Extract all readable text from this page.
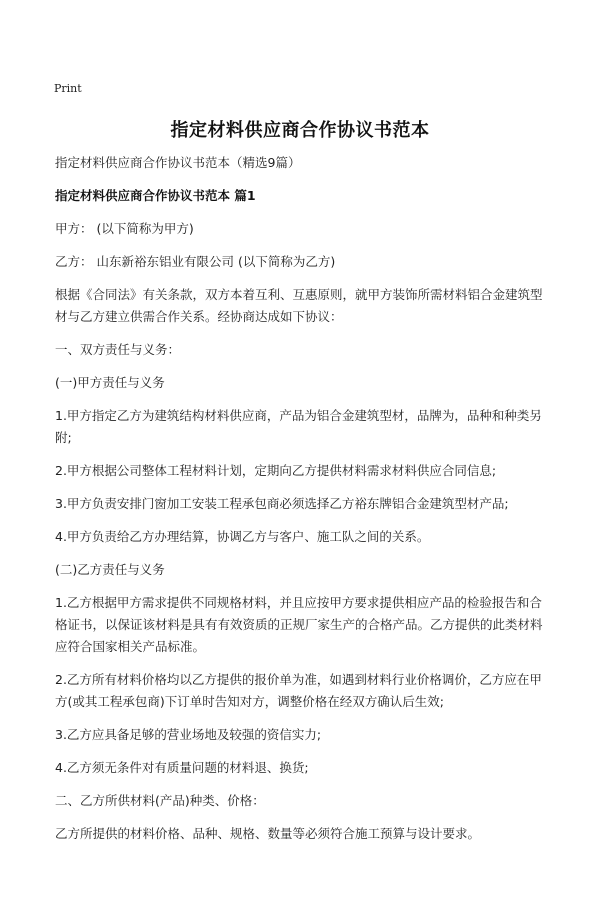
Print
指定材料供应商合作协议书范本

指定材料供应商合作协议书范本（精选9篇）

指定材料供应商合作协议书范本 篇1

甲方： (以下简称为甲方)

乙方： 山东新裕东铝业有限公司 (以下简称为乙方)

根据《合同法》有关条款，双方本着互利、互惠原则，就甲方装饰所需材料铝合金建筑型材与乙方建立供需合作关系。经协商达成如下协议：

一、双方责任与义务：

(一)甲方责任与义务

1.甲方指定乙方为建筑结构材料供应商，产品为铝合金建筑型材，品牌为，品种和种类另附;

2.甲方根据公司整体工程材料计划，定期向乙方提供材料需求材料供应合同信息;

3.甲方负责安排门窗加工安装工程承包商必须选择乙方裕东牌铝合金建筑型材产品;

4.甲方负责给乙方办理结算，协调乙方与客户、施工队之间的关系。

(二)乙方责任与义务

1.乙方根据甲方需求提供不同规格材料，并且应按甲方要求提供相应产品的检验报告和合格证书，以保证该材料是具有有效资质的正规厂家生产的合格产品。乙方提供的此类材料应符合国家相关产品标准。

2.乙方所有材料价格均以乙方提供的报价单为准，如遇到材料行业价格调价，乙方应在甲方(或其工程承包商)下订单时告知对方，调整价格在经双方确认后生效;

3.乙方应具备足够的营业场地及较强的资信实力;

4.乙方须无条件对有质量问题的材料退、换货;

二、乙方所供材料(产品)种类、价格：

乙方所提供的材料价格、品种、规格、数量等必须符合施工预算与设计要求。
